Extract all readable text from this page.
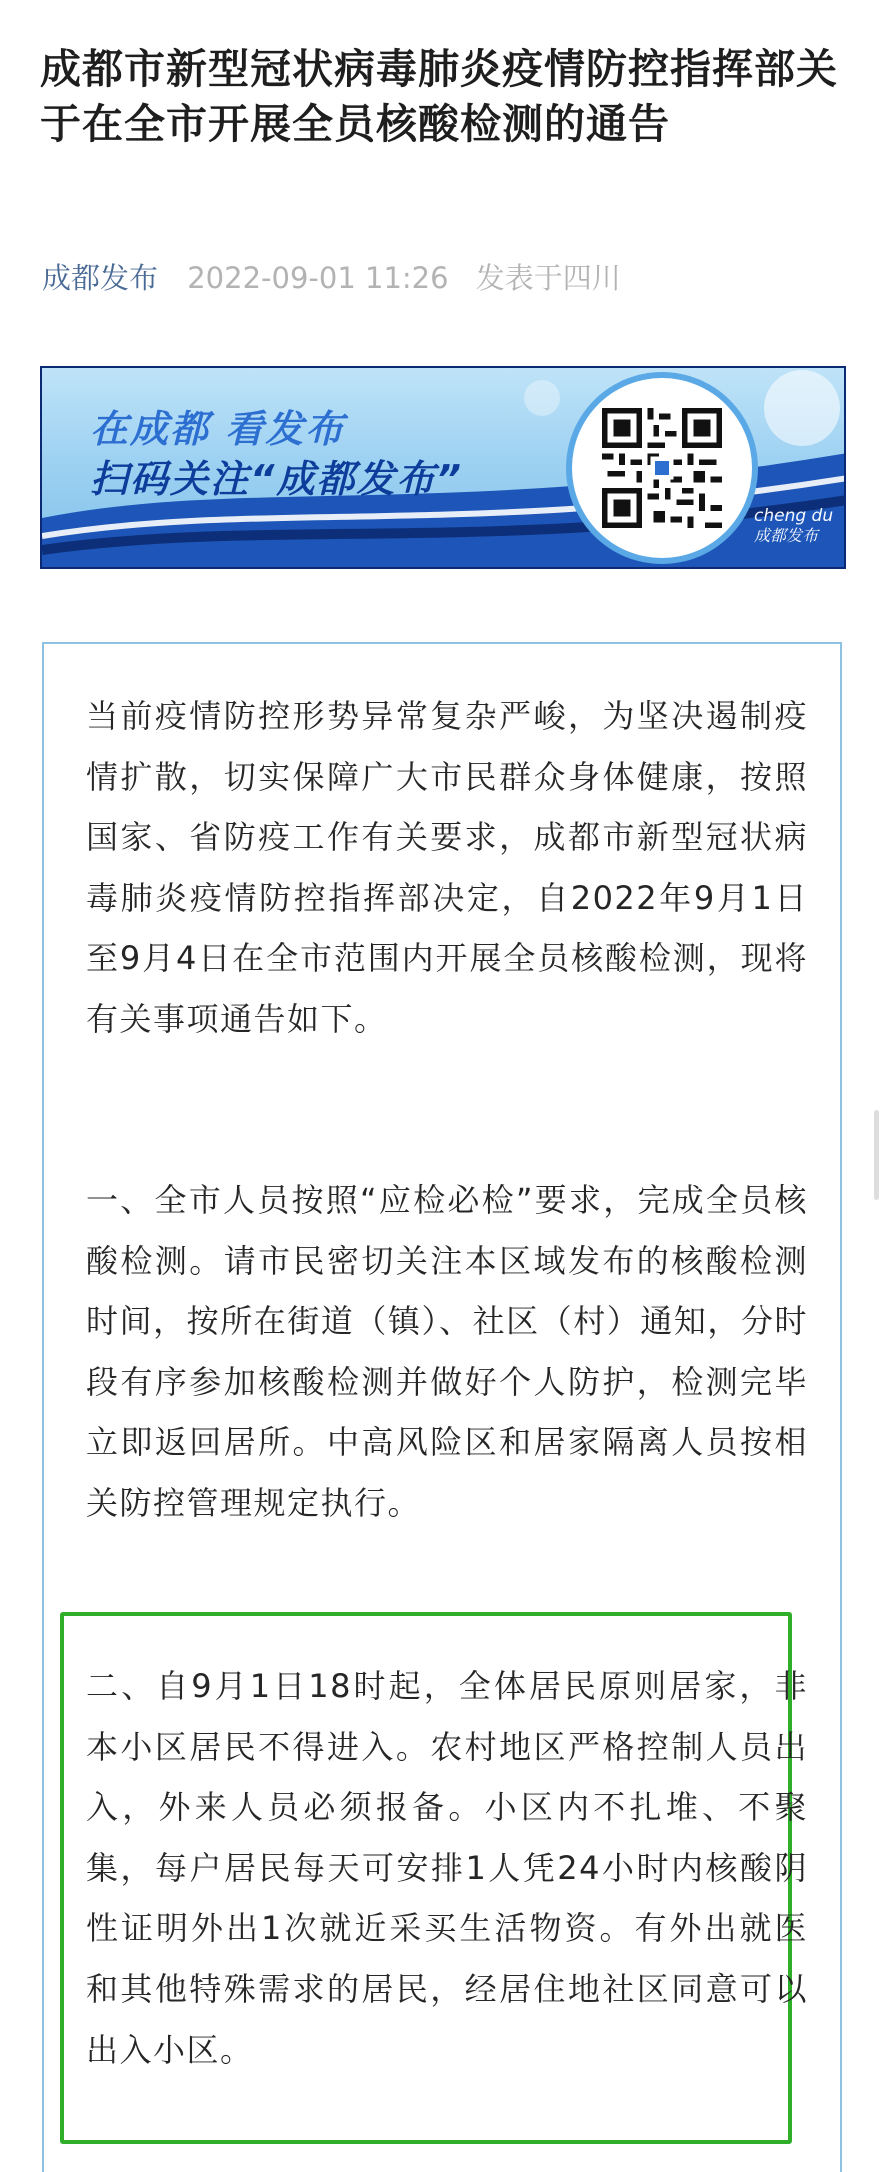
成都市新型冠状病毒肺炎疫情防控指挥部关于在全市开展全员核酸检测的通告
成都发布 2022-09-01 11:26 发表于四川
在成都 看发布
扫码关注“成都发布”
cheng du
成都发布

当前疫情防控形势异常复杂严峻，为坚决遏制疫情扩散，切实保障广大市民群众身体健康，按照国家、省防疫工作有关要求，成都市新型冠状病毒肺炎疫情防控指挥部决定，自2022年9月1日至9月4日在全市范围内开展全员核酸检测，现将有关事项通告如下。

一、全市人员按照“应检必检”要求，完成全员核酸检测。请市民密切关注本区域发布的核酸检测时间，按所在街道（镇）、社区（村）通知，分时段有序参加核酸检测并做好个人防护，检测完毕立即返回居所。中高风险区和居家隔离人员按相关防控管理规定执行。

二、自9月1日18时起，全体居民原则居家，非本小区居民不得进入。农村地区严格控制人员出入，外来人员必须报备。小区内不扎堆、不聚集，每户居民每天可安排1人凭24小时内核酸阴性证明外出1次就近采买生活物资。有外出就医和其他特殊需求的居民，经居住地社区同意可以出入小区。
